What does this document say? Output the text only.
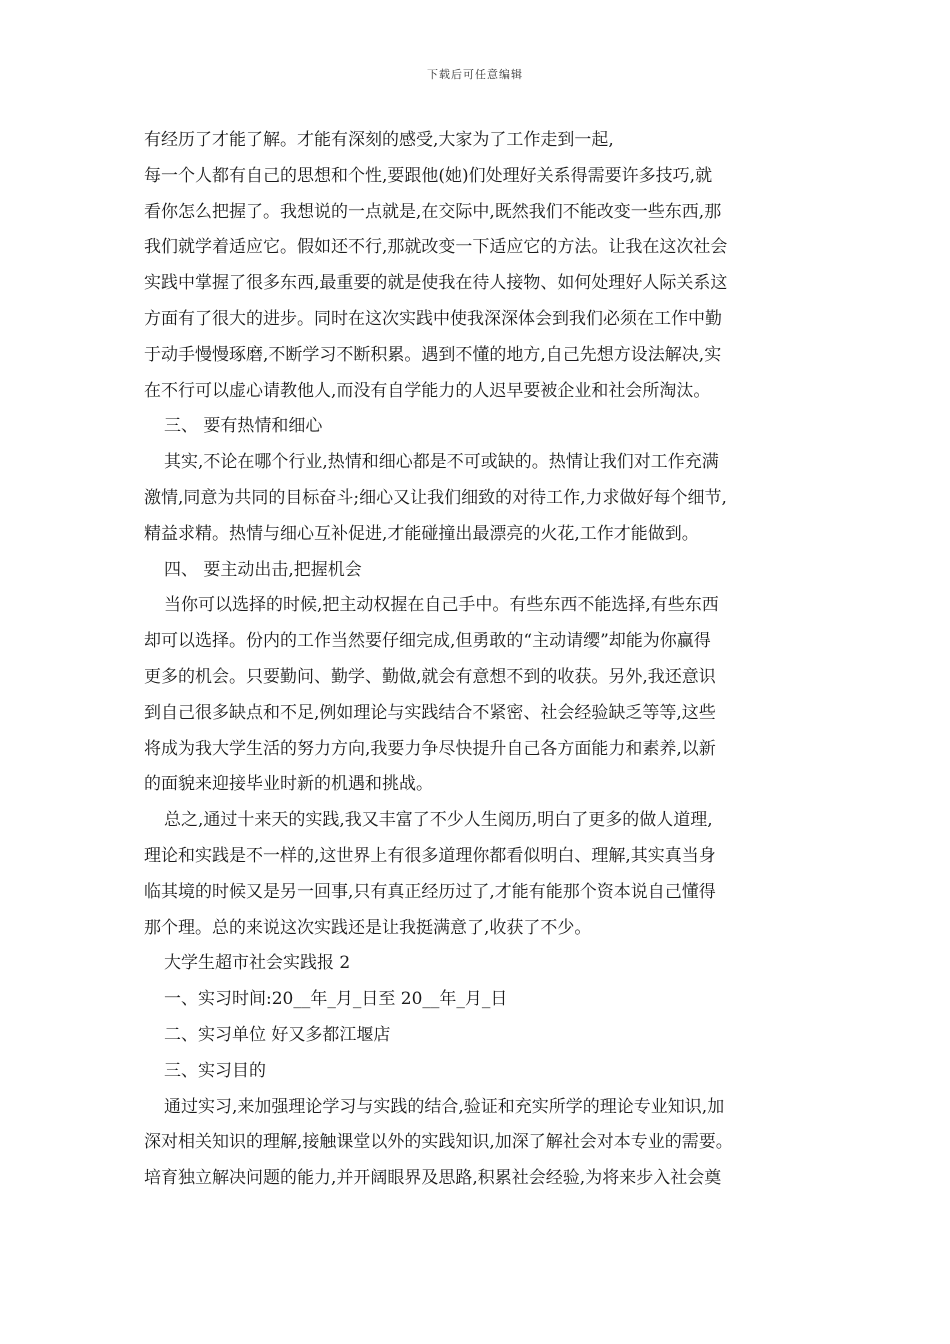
下载后可任意编辑

有经历了才能了解。才能有深刻的感受,大家为了工作走到一起,

每一个人都有自己的思想和个性,要跟他(她)们处理好关系得需要许多技巧,就

看你怎么把握了。我想说的一点就是,在交际中,既然我们不能改变一些东西,那

我们就学着适应它。假如还不行,那就改变一下适应它的方法。让我在这次社会

实践中掌握了很多东西,最重要的就是使我在待人接物、如何处理好人际关系这

方面有了很大的进步。同时在这次实践中使我深深体会到我们必须在工作中勤

于动手慢慢琢磨,不断学习不断积累。遇到不懂的地方,自己先想方设法解决,实

在不行可以虚心请教他人,而没有自学能力的人迟早要被企业和社会所淘汰。

三、 要有热情和细心

其实,不论在哪个行业,热情和细心都是不可或缺的。热情让我们对工作充满

激情,同意为共同的目标奋斗;细心又让我们细致的对待工作,力求做好每个细节,

精益求精。热情与细心互补促进,才能碰撞出最漂亮的火花,工作才能做到。

四、 要主动出击,把握机会

当你可以选择的时候,把主动权握在自己手中。有些东西不能选择,有些东西

却可以选择。份内的工作当然要仔细完成,但勇敢的“主动请缨”却能为你赢得

更多的机会。只要勤问、勤学、勤做,就会有意想不到的收获。另外,我还意识

到自己很多缺点和不足,例如理论与实践结合不紧密、社会经验缺乏等等,这些

将成为我大学生活的努力方向,我要力争尽快提升自己各方面能力和素养,以新

的面貌来迎接毕业时新的机遇和挑战。

总之,通过十来天的实践,我又丰富了不少人生阅历,明白了更多的做人道理,

理论和实践是不一样的,这世界上有很多道理你都看似明白、理解,其实真当身

临其境的时候又是另一回事,只有真正经历过了,才能有能那个资本说自己懂得

那个理。总的来说这次实践还是让我挺满意了,收获了不少。

大学生超市社会实践报 2

一、实习时间:20__年_月_日至 20__年_月_日

二、实习单位 好又多都江堰店

三、实习目的

通过实习,来加强理论学习与实践的结合,验证和充实所学的理论专业知识,加

深对相关知识的理解,接触课堂以外的实践知识,加深了解社会对本专业的需要。

培育独立解决问题的能力,并开阔眼界及思路,积累社会经验,为将来步入社会奠
